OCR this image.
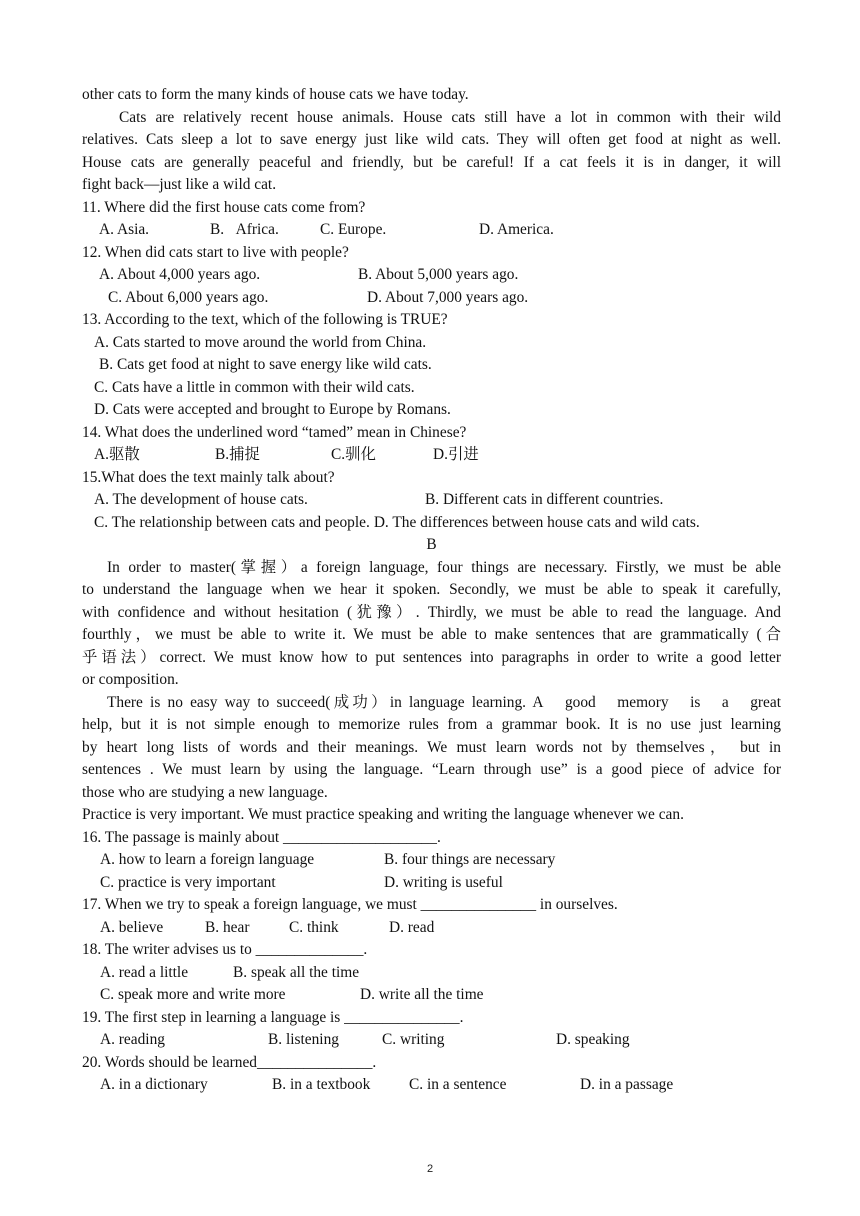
other cats to form the many kinds of house cats we have today.
Cats are relatively recent house animals. House cats still have a lot in common with their wild
relatives. Cats sleep a lot to save energy just like wild cats. They will often get food at night as well.
House cats are generally peaceful and friendly, but be careful! If a cat feels it is in danger, it will
fight back―just like a wild cat.
11. Where did the first house cats come from?
A. Asia.	B.   Africa.	C. Europe.	D. America.
12. When did cats start to live with people?
A. About 4,000 years ago.	B. About 5,000 years ago.
C. About 6,000 years ago.	D. About 7,000 years ago.
13. According to the text, which of the following is TRUE?
A. Cats started to move around the world from China.
B. Cats get food at night to save energy like wild cats.
C. Cats have a little in common with their wild cats.
D. Cats were accepted and brought to Europe by Romans.
14. What does the underlined word “tamed” mean in Chinese?
A.驱散	B.捕捉	C.驯化	D.引进
15.What does the text mainly talk about?
A. The development of house cats.	B. Different cats in different countries.
C. The relationship between cats and people. D. The differences between house cats and wild cats.
B
In order to master(掌握）a foreign language, four things are necessary. Firstly, we must be able
to understand the language when we hear it spoken. Secondly, we must be able to speak it carefully,
with confidence and without hesitation (犹豫）. Thirdly, we must be able to read the language. And
fourthly，we must be able to write it. We must be able to make sentences that are grammatically (合
乎语法）correct. We must know how to put sentences into paragraphs in order to write a good letter
or composition.
There is no easy way to succeed(成功）in language learning. A   good   memory   is   a   great
help, but it is not simple enough to memorize rules from a grammar book. It is no use just learning
by heart long lists of words and their meanings. We must learn words not by themselves， but in
sentences . We must learn by using the language. “Learn through use” is a good piece of advice for
those who are studying a new language.
Practice is very important. We must practice speaking and writing the language whenever we can.
16. The passage is mainly about ____________________.
A. how to learn a foreign language	B. four things are necessary
C. practice is very important	D. writing is useful
17. When we try to speak a foreign language, we must _______________ in ourselves.
A. believe	B. hear	C. think	D. read
18. The writer advises us to ______________.
A. read a little	B. speak all the time
C. speak more and write more	D. write all the time
19. The first step in learning a language is _______________.
A. reading	B. listening	C. writing	D. speaking
20. Words should be learned_______________.
A. in a dictionary	B. in a textbook	C. in a sentence	D. in a passage
2
